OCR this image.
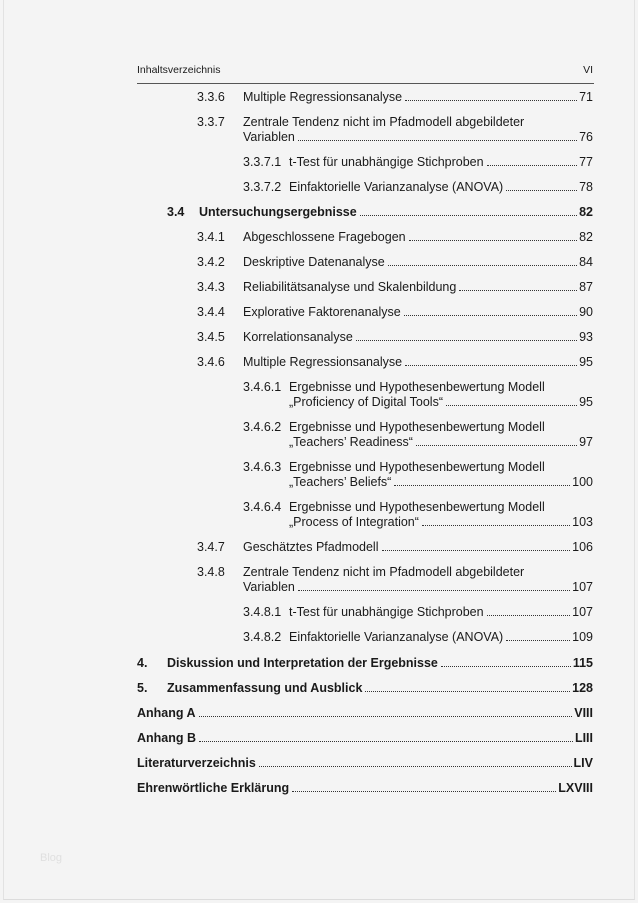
Inhaltsverzeichnis	VI
3.3.6 Multiple Regressionsanalyse	71
3.3.7 Zentrale Tendenz nicht im Pfadmodell abgebildeter
Variablen	76
3.3.7.1 t-Test für unabhängige Stichproben	77
3.3.7.2 Einfaktorielle Varianzanalyse (ANOVA)	78
3.4 Untersuchungsergebnisse	82
3.4.1 Abgeschlossene Fragebogen	82
3.4.2 Deskriptive Datenanalyse	84
3.4.3 Reliabilitätsanalyse und Skalenbildung	87
3.4.4 Explorative Faktorenanalyse	90
3.4.5 Korrelationsanalyse	93
3.4.6 Multiple Regressionsanalyse	95
3.4.6.1 Ergebnisse und Hypothesenbewertung Modell
„Proficiency of Digital Tools“	95
3.4.6.2 Ergebnisse und Hypothesenbewertung Modell
„Teachers’ Readiness“	97
3.4.6.3 Ergebnisse und Hypothesenbewertung Modell
„Teachers’ Beliefs“	100
3.4.6.4 Ergebnisse und Hypothesenbewertung Modell
„Process of Integration“	103
3.4.7 Geschätztes Pfadmodell	106
3.4.8 Zentrale Tendenz nicht im Pfadmodell abgebildeter
Variablen	107
3.4.8.1 t-Test für unabhängige Stichproben	107
3.4.8.2 Einfaktorielle Varianzanalyse (ANOVA)	109
4. Diskussion und Interpretation der Ergebnisse	115
5. Zusammenfassung und Ausblick	128
Anhang A	VIII
Anhang B	LIII
Literaturverzeichnis	LIV
Ehrenwörtliche Erklärung	LXVIII
Blog
